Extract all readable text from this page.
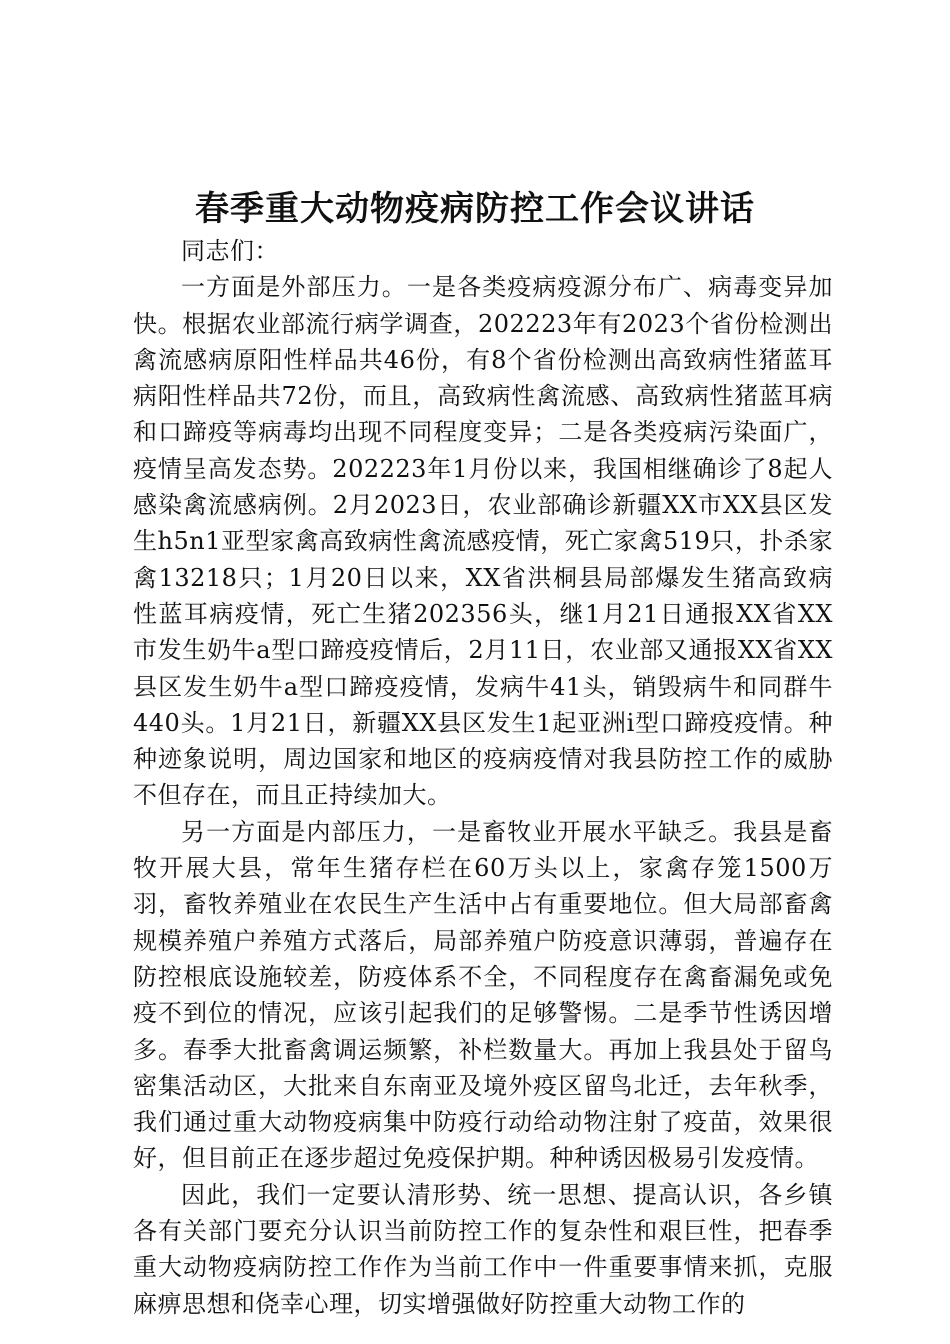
春季重大动物疫病防控工作会议讲话

同志们：

一方面是外部压力。一是各类疫病疫源分布广、病毒变异加快。根据农业部流行病学调查，202223年有2023个省份检测出禽流感病原阳性样品共46份，有8个省份检测出高致病性猪蓝耳病阳性样品共72份，而且，高致病性禽流感、高致病性猪蓝耳病和口蹄疫等病毒均出现不同程度变异；二是各类疫病污染面广，疫情呈高发态势。202223年1月份以来，我国相继确诊了8起人感染禽流感病例。2月2023日，农业部确诊新疆XX市XX县区发生h5n1亚型家禽高致病性禽流感疫情，死亡家禽519只，扑杀家禽13218只；1月20日以来，XX省洪桐县局部爆发生猪高致病性蓝耳病疫情，死亡生猪202356头，继1月21日通报XX省XX市发生奶牛a型口蹄疫疫情后，2月11日，农业部又通报XX省XX县区发生奶牛a型口蹄疫疫情，发病牛41头，销毁病牛和同群牛440头。1月21日，新疆XX县区发生1起亚洲i型口蹄疫疫情。种种迹象说明，周边国家和地区的疫病疫情对我县防控工作的威胁不但存在，而且正持续加大。

另一方面是内部压力，一是畜牧业开展水平缺乏。我县是畜牧开展大县，常年生猪存栏在60万头以上，家禽存笼1500万羽，畜牧养殖业在农民生产生活中占有重要地位。但大局部畜禽规模养殖户养殖方式落后，局部养殖户防疫意识薄弱，普遍存在防控根底设施较差，防疫体系不全，不同程度存在禽畜漏免或免疫不到位的情况，应该引起我们的足够警惕。二是季节性诱因增多。春季大批畜禽调运频繁，补栏数量大。再加上我县处于留鸟密集活动区，大批来自东南亚及境外疫区留鸟北迁，去年秋季，我们通过重大动物疫病集中防疫行动给动物注射了疫苗，效果很好，但目前正在逐步超过免疫保护期。种种诱因极易引发疫情。

因此，我们一定要认清形势、统一思想、提高认识，各乡镇各有关部门要充分认识当前防控工作的复杂性和艰巨性，把春季重大动物疫病防控工作作为当前工作中一件重要事情来抓，克服麻痹思想和侥幸心理，切实增强做好防控重大动物工作的
